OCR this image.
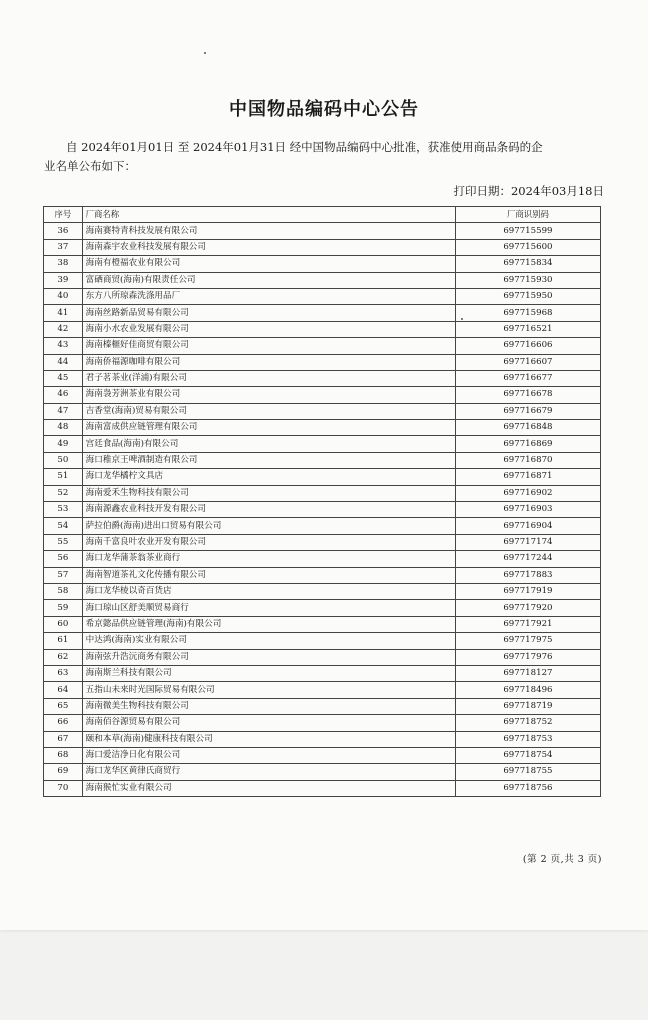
中国物品编码中心公告
自 2024年01月01日 至 2024年01月31日 经中国物品编码中心批准，获准使用商品条码的企
业名单公布如下：
打印日期：2024年03月18日
序号	厂商名称	厂商识别码
36	海南赛特青科技发展有限公司	697715599
37	海南森宇农业科技发展有限公司	697715600
38	海南有橙福农业有限公司	697715834
39	富硒商贸(海南)有限责任公司	697715930
40	东方八所琼森洗涤用品厂	697715950
41	海南丝路新品贸易有限公司	697715968
42	海南小水农业发展有限公司	697716521
43	海南榛榧好佳商贸有限公司	697716606
44	海南侨福源咖啡有限公司	697716607
45	君子茗茶业(洋浦)有限公司	697716677
46	海南袅芳洲茶业有限公司	697716678
47	吉香堂(海南)贸易有限公司	697716679
48	海南富成供应链管理有限公司	697716848
49	宫廷食品(海南)有限公司	697716869
50	海口稚京王啤酒制造有限公司	697716870
51	海口龙华橘柠文具店	697716871
52	海南爱禾生物科技有限公司	697716902
53	海南源鑫农业科技开发有限公司	697716903
54	萨拉伯爵(海南)进出口贸易有限公司	697716904
55	海南千富良叶农业开发有限公司	697717174
56	海口龙华蒲茶翁茶业商行	697717244
57	海南智道茶礼文化传播有限公司	697717883
58	海口龙华棱以奇百货店	697717919
59	海口琼山区舒美顺贸易商行	697717920
60	希京懿品供应链管理(海南)有限公司	697717921
61	中达鸿(海南)实业有限公司	697717975
62	海南弦升浩沅商务有限公司	697717976
63	海南斯兰科技有限公司	697718127
64	五指山未来时光国际贸易有限公司	697718496
65	海南微美生物科技有限公司	697718719
66	海南佰谷源贸易有限公司	697718752
67	颐和本草(海南)健康科技有限公司	697718753
68	海口爱洁净日化有限公司	697718754
69	海口龙华区黄律氏商贸行	697718755
70	海南猴忙实业有限公司	697718756
(第 2 页,共 3 页)
